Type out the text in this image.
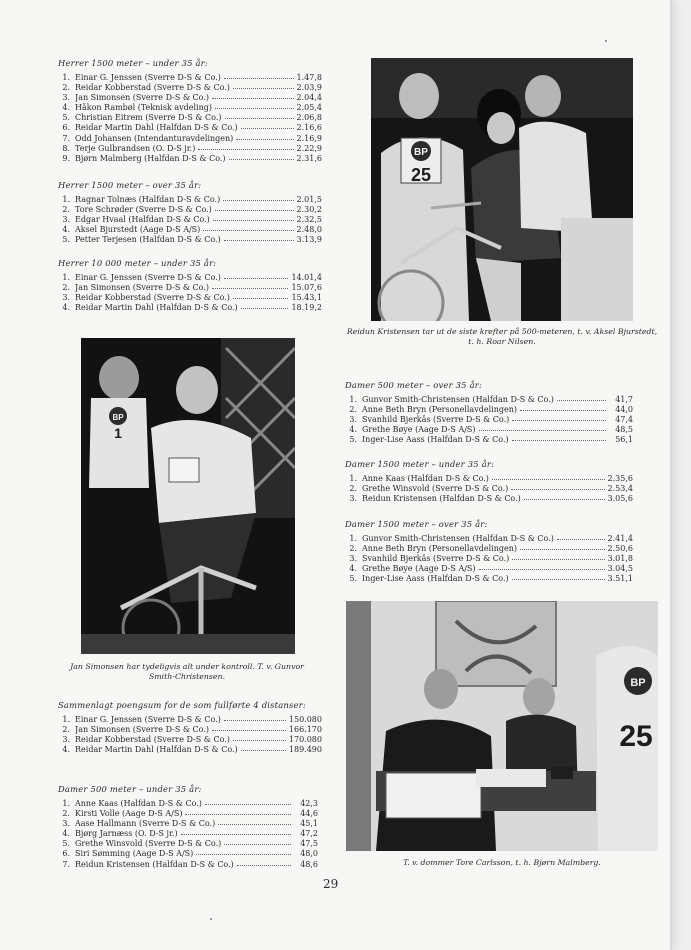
Herrer 1500 meter – under 35 år:
1. Einar G. Jenssen (Sverre D-S & Co.)	1.47,8
2. Reidar Kobberstad (Sverre D-S & Co.)	2.03,9
3. Jan Simonsen (Sverre D-S & Co.)	2.04,4
4. Håkon Rambøl (Teknisk avdeling)	2.05,4
5. Christian Eitrem (Sverre D-S & Co.)	2.06,8
6. Reidar Martin Dahl (Halfdan D-S & Co.)	2.16,6
7. Odd Johansen (Intendanturavdelingen)	2.16,9
8. Terje Gulbrandsen (O. D-S jr.)	2.22,9
9. Bjørn Malmberg (Halfdan D-S & Co.)	2.31,6
Herrer 1500 meter – over 35 år:
1. Ragnar Tolnæs (Halfdan D-S & Co.)	2.01,5
2. Tore Schrøder (Sverre D-S & Co.)	2.30,2
3. Edgar Hvaal (Halfdan D-S & Co.)	2.32,5
4. Aksel Bjurstedt (Aage D-S A/S)	2.48,0
5. Petter Terjesen (Halfdan D-S & Co.)	3.13,9
Herrer 10 000 meter – under 35 år:
1. Einar G. Jenssen (Sverre D-S & Co.)	14.01,4
2. Jan Simonsen (Sverre D-S & Co.)	15.07,6
3. Reidar Kobberstad (Sverre D-S & Co.)	15.43,1
4. Reidar Martin Dahl (Halfdan D-S & Co.)	18.19,2
BP
25
Reidun Kristensen tar ut de siste krefter på 500-meteren, t. v. Aksel Bjurstedt, t. h. Roar Nilsen.
BP
1
Jan Simonsen har tydeligvis alt under kontroll. T. v. Gunvor Smith-Christensen.
Sammenlagt poengsum for de som fullførte 4 distanser:
1. Einar G. Jenssen (Sverre D-S & Co.)	150.080
2. Jan Simonsen (Sverre D-S & Co.)	166.170
3. Reidar Kobberstad (Sverre D-S & Co.)	170.080
4. Reidar Martin Dahl (Halfdan D-S & Co.)	189.490
Damer 500 meter – under 35 år:
1. Anne Kaas (Halfdan D-S & Co.)	42,3
2. Kirsti Volle (Aage D-S A/S)	44,6
3. Aase Hallmann (Sverre D-S & Co.)	45,1
4. Bjørg Jarnæss (O. D-S jr.)	47,2
5. Grethe Winsvold (Sverre D-S & Co.)	47,5
6. Siri Sømming (Aage D-S A/S)	48,0
7. Reidun Kristensen (Halfdan D-S & Co.)	48,6
Damer 500 meter – over 35 år:
1. Gunvor Smith-Christensen (Halfdan D-S & Co.)	41,7
2. Anne Beth Bryn (Personellavdelingen)	44,0
3. Svanhild Bjerkås (Sverre D-S & Co.)	47,4
4. Grethe Bøye (Aage D-S A/S)	48,5
5. Inger-Lise Aass (Halfdan D-S & Co.)	56,1
Damer 1500 meter – under 35 år:
1. Anne Kaas (Halfdan D-S & Co.)	2.35,6
2. Grethe Winsvold (Sverre D-S & Co.)	2.53,4
3. Reidun Kristensen (Halfdan D-S & Co.)	3.05,6
Damer 1500 meter – over 35 år:
1. Gunvor Smith-Christensen (Halfdan D-S & Co.)	2.41,4
2. Anne Beth Bryn (Personellavdelingen)	2.50,6
3. Svanhild Bjerkås (Sverre D-S & Co.)	3.01,8
4. Grethe Bøye (Aage D-S A/S)	3.04,5
5. Inger-Lise Aass (Halfdan D-S & Co.)	3.51,1
BP
25
T. v. dommer Tore Carlsson, t. h. Bjørn Malmberg.
29
